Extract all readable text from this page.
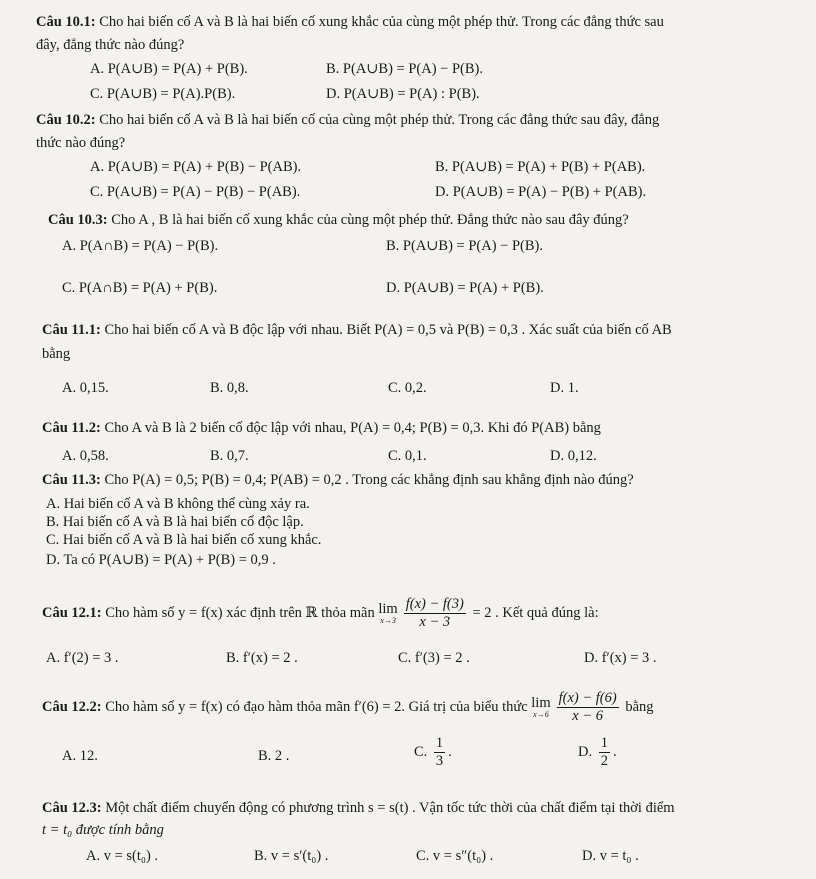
Câu 10.1: Cho hai biến cố A và B là hai biến cố xung khắc của cùng một phép thử. Trong các đẳng thức sau
đây, đẳng thức nào đúng?
A. P(A∪B) = P(A) + P(B).	B. P(A∪B) = P(A) − P(B).
C. P(A∪B) = P(A).P(B).	D. P(A∪B) = P(A) : P(B).
Câu 10.2: Cho hai biến cố A và B là hai biến cố của cùng một phép thử. Trong các đẳng thức sau đây, đẳng
thức nào đúng?
A. P(A∪B) = P(A) + P(B) − P(AB).	B. P(A∪B) = P(A) + P(B) + P(AB).
C. P(A∪B) = P(A) − P(B) − P(AB).	D. P(A∪B) = P(A) − P(B) + P(AB).
Câu 10.3: Cho A , B là hai biến cố xung khắc của cùng một phép thử. Đẳng thức nào sau đây đúng?
A. P(A∩B) = P(A) − P(B).	B. P(A∪B) = P(A) − P(B).
C. P(A∩B) = P(A) + P(B).	D. P(A∪B) = P(A) + P(B).
Câu 11.1: Cho hai biến cố A và B độc lập với nhau. Biết P(A) = 0,5 và P(B) = 0,3 . Xác suất của biến cố AB
bằng
A. 0,15.	B. 0,8.	C. 0,2.	D. 1.
Câu 11.2: Cho A và B là 2 biến cố độc lập với nhau, P(A) = 0,4; P(B) = 0,3. Khi đó P(AB) bằng
A. 0,58.	B. 0,7.	C. 0,1.	D. 0,12.
Câu 11.3: Cho P(A) = 0,5; P(B) = 0,4; P(AB) = 0,2 . Trong các khẳng định sau khẳng định nào đúng?
A. Hai biến cố A và B không thể cùng xảy ra.
B. Hai biến cố A và B là hai biến cố độc lập.
C. Hai biến cố A và B là hai biến cố xung khắc.
D. Ta có P(A∪B) = P(A) + P(B) = 0,9 .
Câu 12.1: Cho hàm số y = f(x) xác định trên ℝ thỏa mãn lim
$x\to 3 \frac{f(x) - f(3)}{x - 3} = 2$ . Kết quả đúng là:
A. f′(2) = 3 .	B. f′(x) = 2 .	C. f′(3) = 2 .	D. f′(x) = 3 .
Câu 12.2: Cho hàm số y = f(x) có đạo hàm thỏa mãn f′(6) = 2. Giá trị của biểu thức lim
$x\to 6 \frac{f(x) - f(6)}{x - 6}$ bằng
A. 12.	B. 2 .	C. $\frac{1}{3}$ .	D. $\frac{1}{2}$ .
Câu 12.3: Một chất điểm chuyển động có phương trình s = s(t) . Vận tốc tức thời của chất điểm tại thời điểm
t = t₀ được tính bằng
A. v = s(t₀) .	B. v = s′(t₀) .	C. v = s″(t₀) .	D. v = t₀ .
